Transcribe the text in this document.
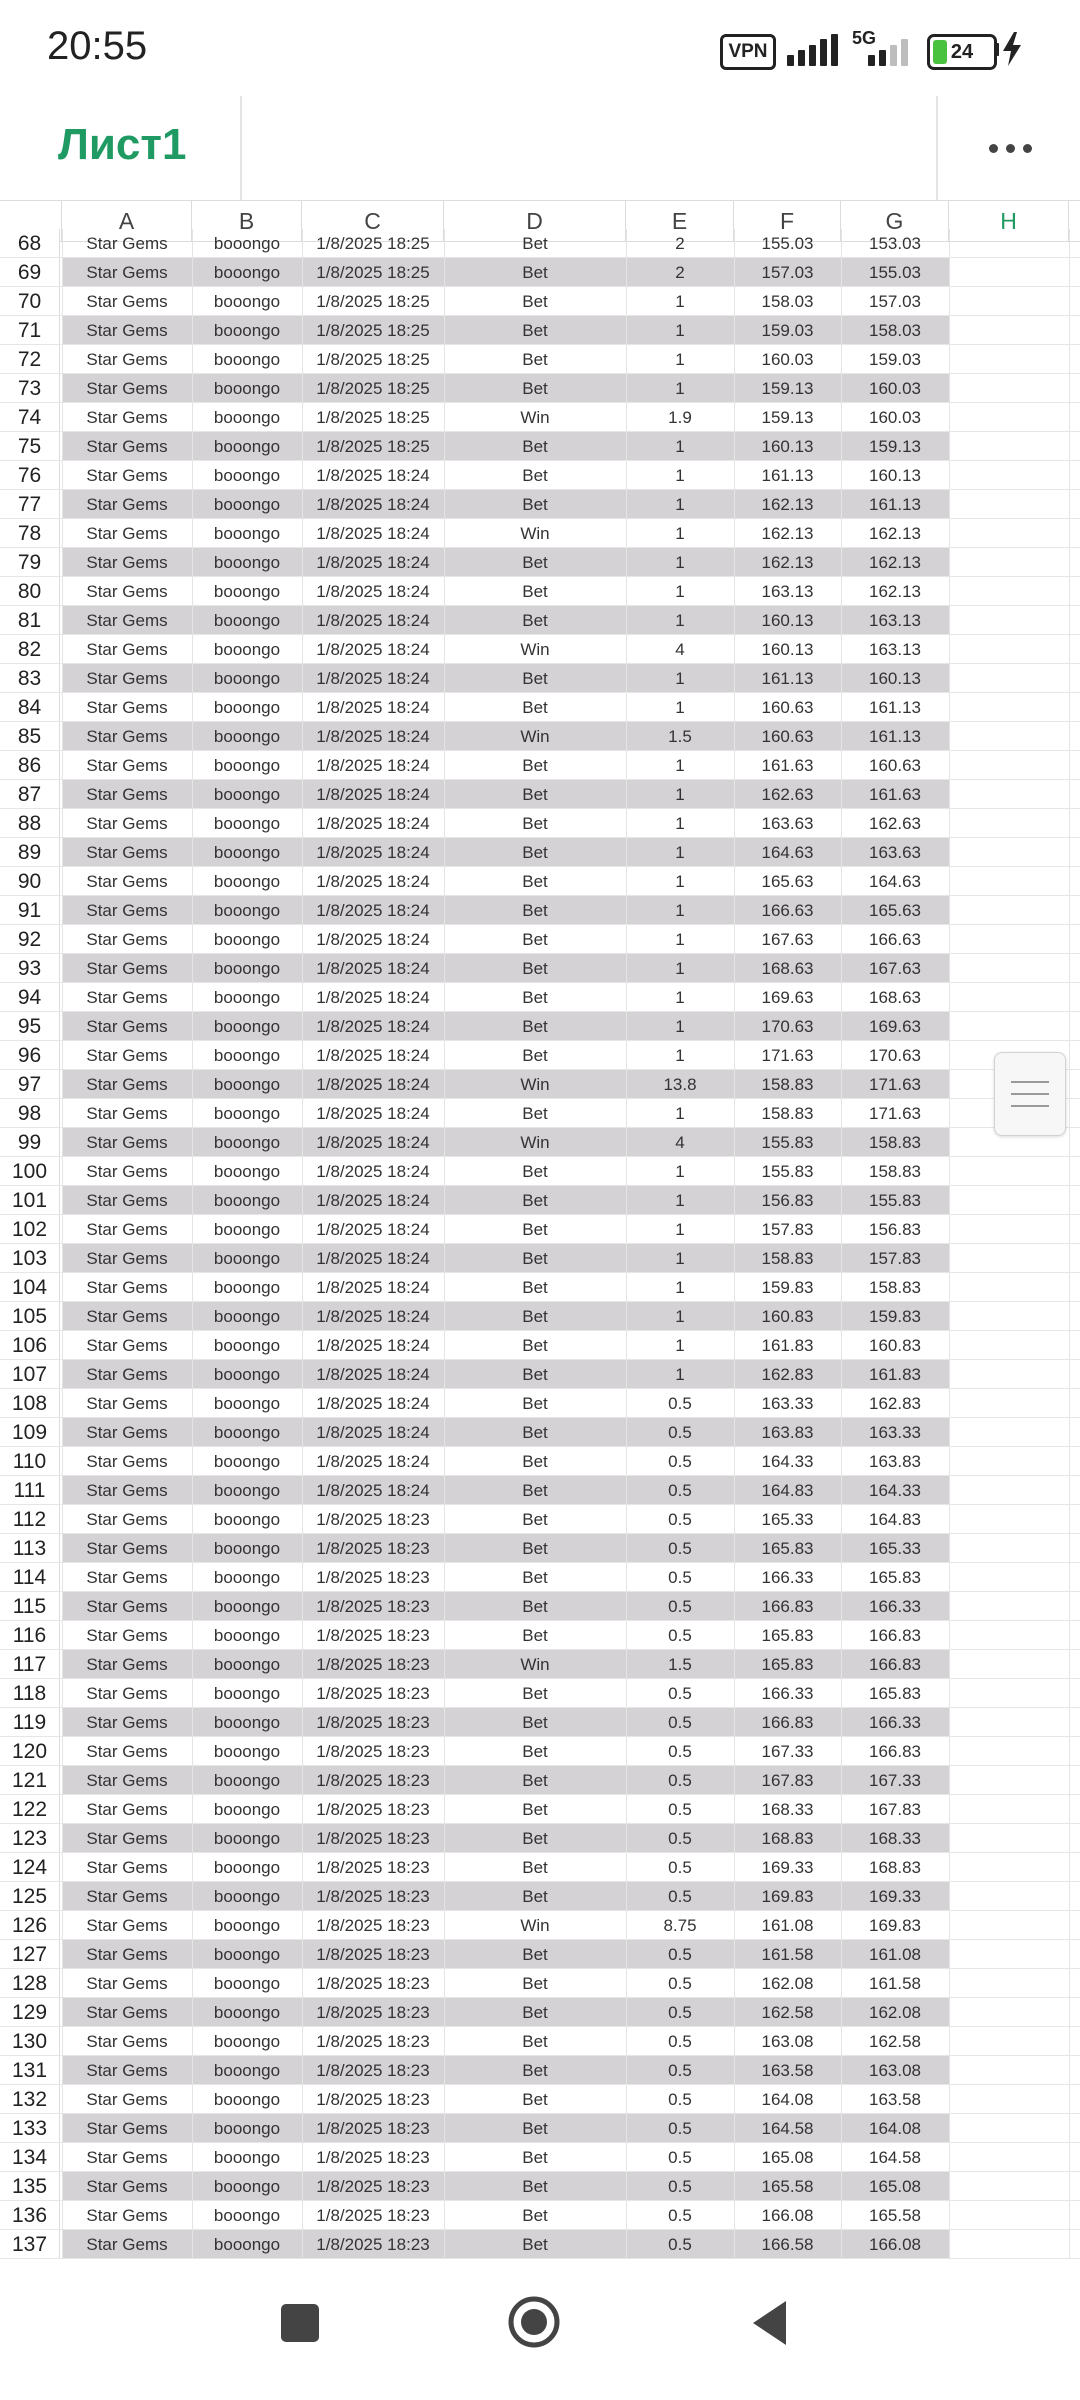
20:55	VPN
5G
24
Лист1
A	B	C	D	E	F	G	H
68	Star Gems	booongo	1/8/2025 18:25	Bet	2	155.03	153.03
69	Star Gems	booongo	1/8/2025 18:25	Bet	2	157.03	155.03
70	Star Gems	booongo	1/8/2025 18:25	Bet	1	158.03	157.03
71	Star Gems	booongo	1/8/2025 18:25	Bet	1	159.03	158.03
72	Star Gems	booongo	1/8/2025 18:25	Bet	1	160.03	159.03
73	Star Gems	booongo	1/8/2025 18:25	Bet	1	159.13	160.03
74	Star Gems	booongo	1/8/2025 18:25	Win	1.9	159.13	160.03
75	Star Gems	booongo	1/8/2025 18:25	Bet	1	160.13	159.13
76	Star Gems	booongo	1/8/2025 18:24	Bet	1	161.13	160.13
77	Star Gems	booongo	1/8/2025 18:24	Bet	1	162.13	161.13
78	Star Gems	booongo	1/8/2025 18:24	Win	1	162.13	162.13
79	Star Gems	booongo	1/8/2025 18:24	Bet	1	162.13	162.13
80	Star Gems	booongo	1/8/2025 18:24	Bet	1	163.13	162.13
81	Star Gems	booongo	1/8/2025 18:24	Bet	1	160.13	163.13
82	Star Gems	booongo	1/8/2025 18:24	Win	4	160.13	163.13
83	Star Gems	booongo	1/8/2025 18:24	Bet	1	161.13	160.13
84	Star Gems	booongo	1/8/2025 18:24	Bet	1	160.63	161.13
85	Star Gems	booongo	1/8/2025 18:24	Win	1.5	160.63	161.13
86	Star Gems	booongo	1/8/2025 18:24	Bet	1	161.63	160.63
87	Star Gems	booongo	1/8/2025 18:24	Bet	1	162.63	161.63
88	Star Gems	booongo	1/8/2025 18:24	Bet	1	163.63	162.63
89	Star Gems	booongo	1/8/2025 18:24	Bet	1	164.63	163.63
90	Star Gems	booongo	1/8/2025 18:24	Bet	1	165.63	164.63
91	Star Gems	booongo	1/8/2025 18:24	Bet	1	166.63	165.63
92	Star Gems	booongo	1/8/2025 18:24	Bet	1	167.63	166.63
93	Star Gems	booongo	1/8/2025 18:24	Bet	1	168.63	167.63
94	Star Gems	booongo	1/8/2025 18:24	Bet	1	169.63	168.63
95	Star Gems	booongo	1/8/2025 18:24	Bet	1	170.63	169.63
96	Star Gems	booongo	1/8/2025 18:24	Bet	1	171.63	170.63
97	Star Gems	booongo	1/8/2025 18:24	Win	13.8	158.83	171.63
98	Star Gems	booongo	1/8/2025 18:24	Bet	1	158.83	171.63
99	Star Gems	booongo	1/8/2025 18:24	Win	4	155.83	158.83
100	Star Gems	booongo	1/8/2025 18:24	Bet	1	155.83	158.83
101	Star Gems	booongo	1/8/2025 18:24	Bet	1	156.83	155.83
102	Star Gems	booongo	1/8/2025 18:24	Bet	1	157.83	156.83
103	Star Gems	booongo	1/8/2025 18:24	Bet	1	158.83	157.83
104	Star Gems	booongo	1/8/2025 18:24	Bet	1	159.83	158.83
105	Star Gems	booongo	1/8/2025 18:24	Bet	1	160.83	159.83
106	Star Gems	booongo	1/8/2025 18:24	Bet	1	161.83	160.83
107	Star Gems	booongo	1/8/2025 18:24	Bet	1	162.83	161.83
108	Star Gems	booongo	1/8/2025 18:24	Bet	0.5	163.33	162.83
109	Star Gems	booongo	1/8/2025 18:24	Bet	0.5	163.83	163.33
110	Star Gems	booongo	1/8/2025 18:24	Bet	0.5	164.33	163.83
111	Star Gems	booongo	1/8/2025 18:24	Bet	0.5	164.83	164.33
112	Star Gems	booongo	1/8/2025 18:23	Bet	0.5	165.33	164.83
113	Star Gems	booongo	1/8/2025 18:23	Bet	0.5	165.83	165.33
114	Star Gems	booongo	1/8/2025 18:23	Bet	0.5	166.33	165.83
115	Star Gems	booongo	1/8/2025 18:23	Bet	0.5	166.83	166.33
116	Star Gems	booongo	1/8/2025 18:23	Bet	0.5	165.83	166.83
117	Star Gems	booongo	1/8/2025 18:23	Win	1.5	165.83	166.83
118	Star Gems	booongo	1/8/2025 18:23	Bet	0.5	166.33	165.83
119	Star Gems	booongo	1/8/2025 18:23	Bet	0.5	166.83	166.33
120	Star Gems	booongo	1/8/2025 18:23	Bet	0.5	167.33	166.83
121	Star Gems	booongo	1/8/2025 18:23	Bet	0.5	167.83	167.33
122	Star Gems	booongo	1/8/2025 18:23	Bet	0.5	168.33	167.83
123	Star Gems	booongo	1/8/2025 18:23	Bet	0.5	168.83	168.33
124	Star Gems	booongo	1/8/2025 18:23	Bet	0.5	169.33	168.83
125	Star Gems	booongo	1/8/2025 18:23	Bet	0.5	169.83	169.33
126	Star Gems	booongo	1/8/2025 18:23	Win	8.75	161.08	169.83
127	Star Gems	booongo	1/8/2025 18:23	Bet	0.5	161.58	161.08
128	Star Gems	booongo	1/8/2025 18:23	Bet	0.5	162.08	161.58
129	Star Gems	booongo	1/8/2025 18:23	Bet	0.5	162.58	162.08
130	Star Gems	booongo	1/8/2025 18:23	Bet	0.5	163.08	162.58
131	Star Gems	booongo	1/8/2025 18:23	Bet	0.5	163.58	163.08
132	Star Gems	booongo	1/8/2025 18:23	Bet	0.5	164.08	163.58
133	Star Gems	booongo	1/8/2025 18:23	Bet	0.5	164.58	164.08
134	Star Gems	booongo	1/8/2025 18:23	Bet	0.5	165.08	164.58
135	Star Gems	booongo	1/8/2025 18:23	Bet	0.5	165.58	165.08
136	Star Gems	booongo	1/8/2025 18:23	Bet	0.5	166.08	165.58
137	Star Gems	booongo	1/8/2025 18:23	Bet	0.5	166.58	166.08
